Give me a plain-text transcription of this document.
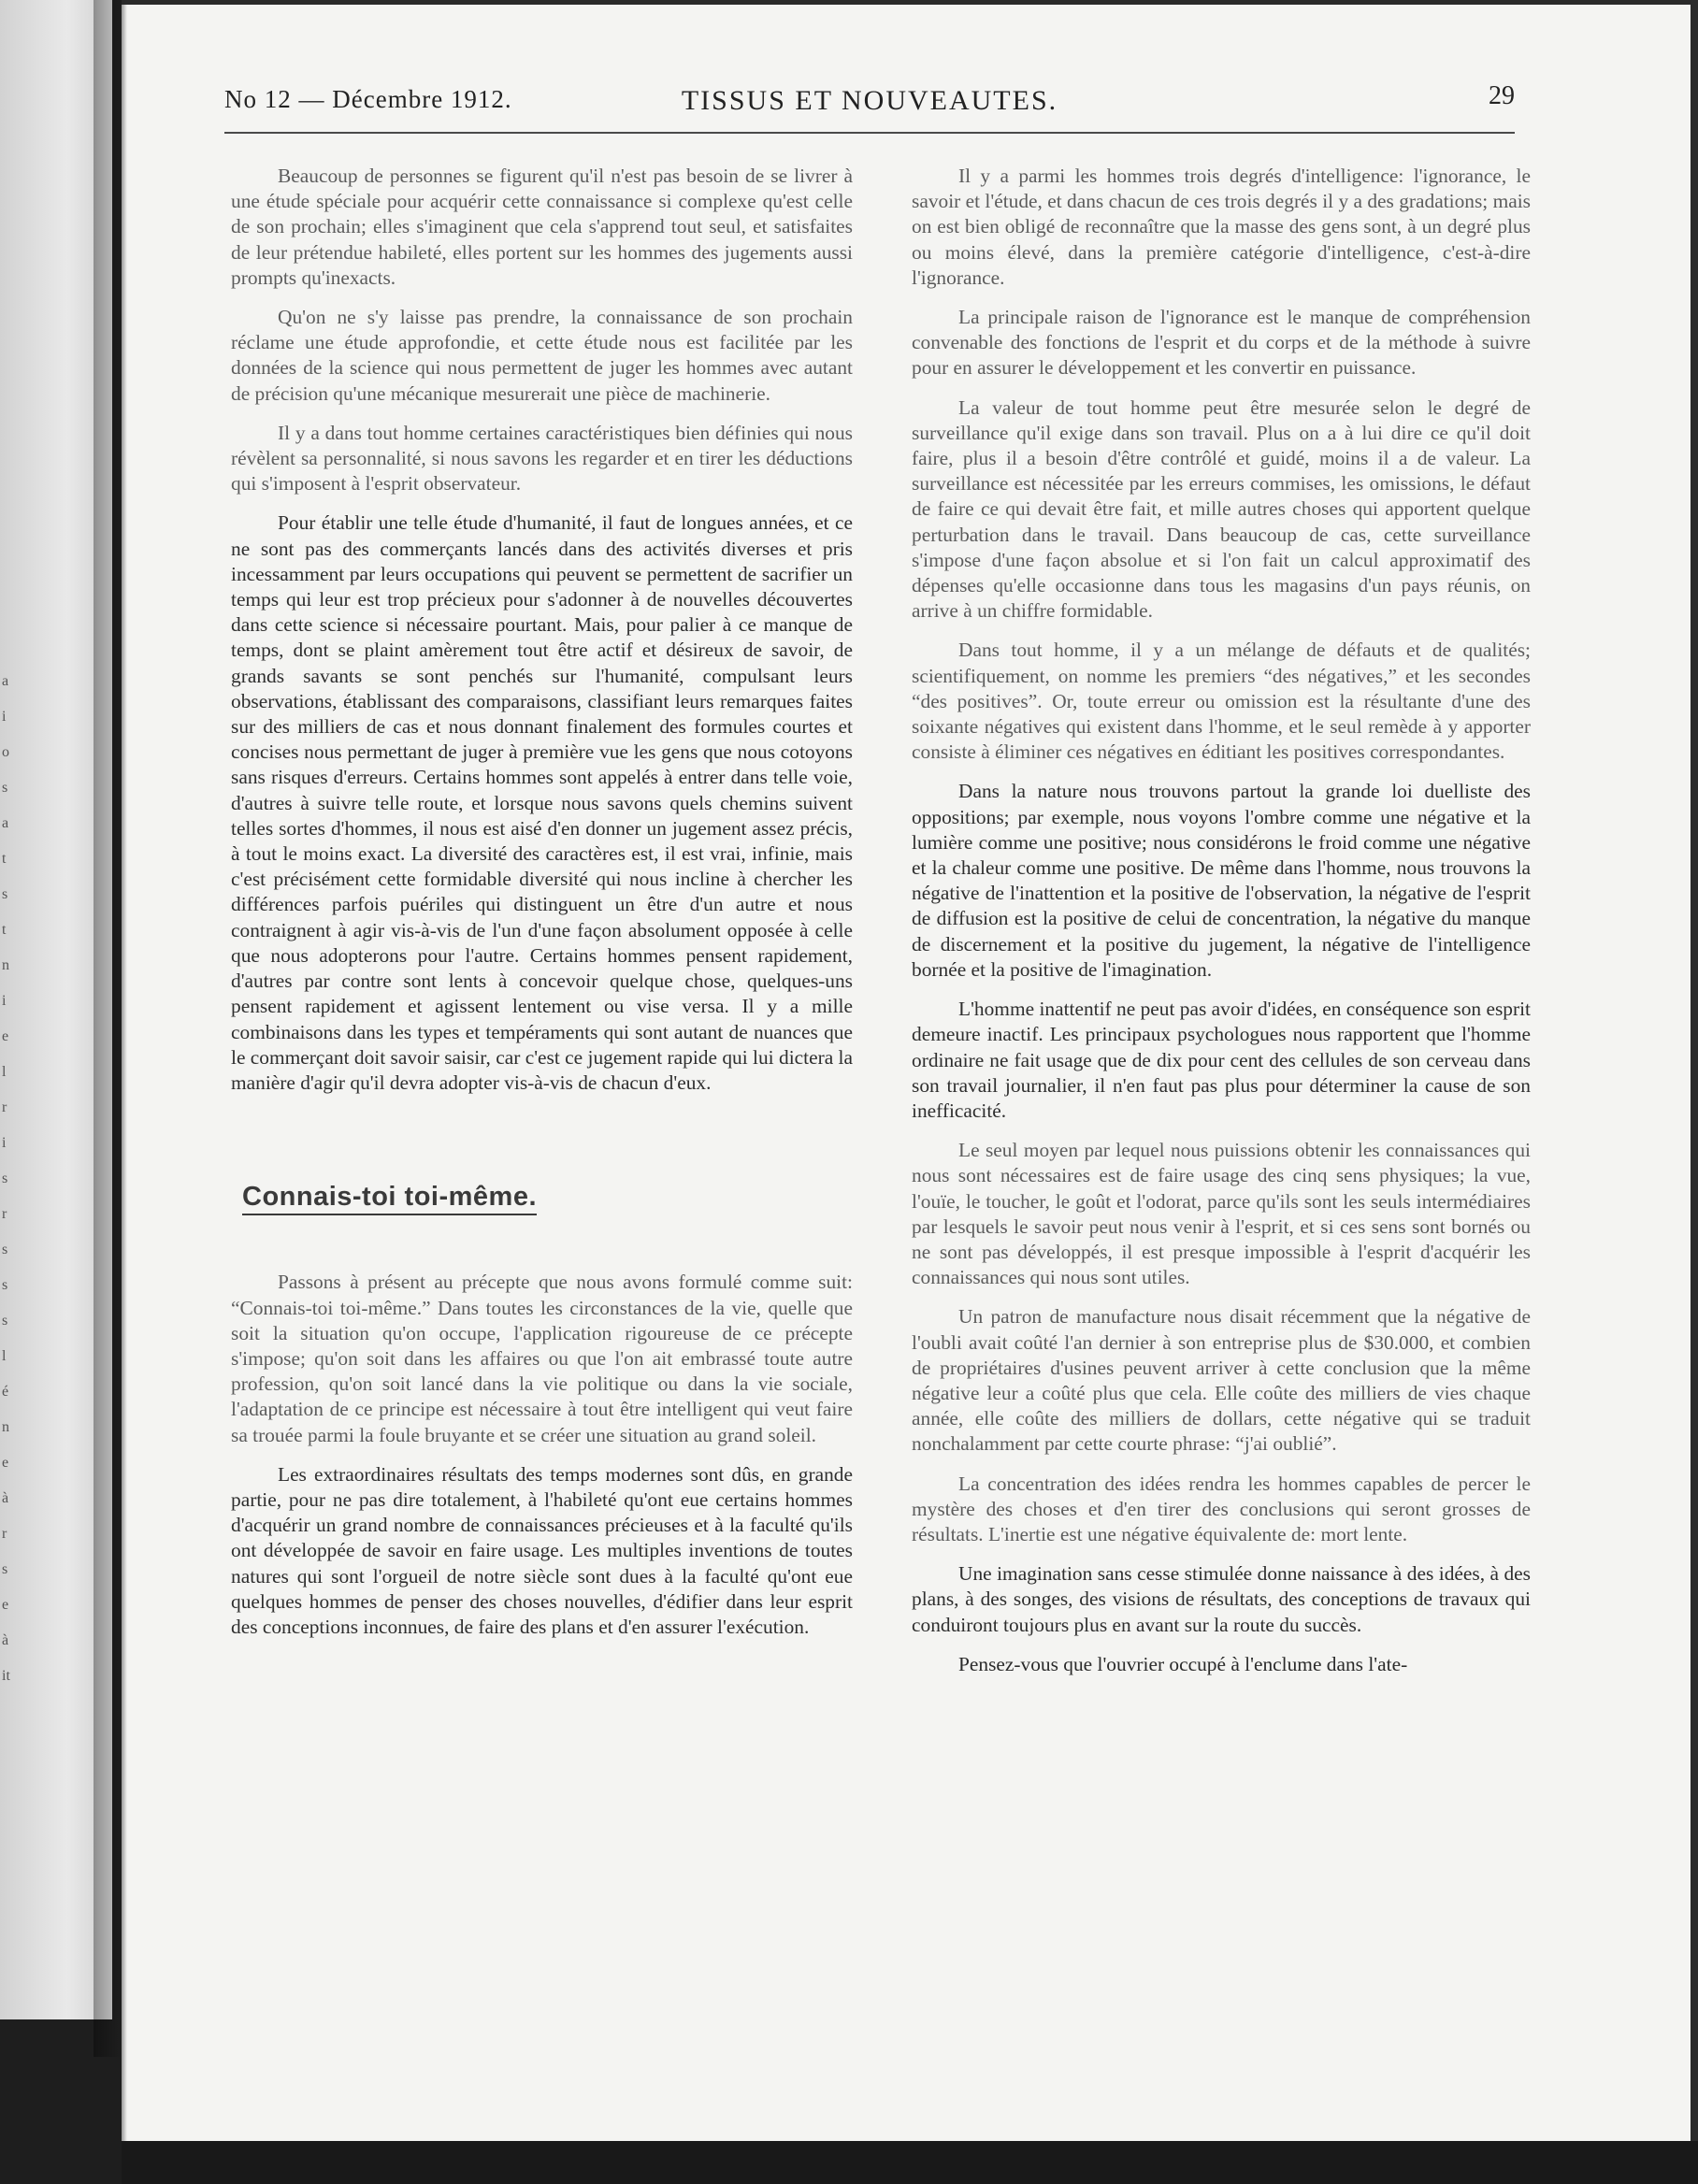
a
i
o
s
a
t
s
t
n
i
e
l
r
i
s
r
s
s
s
l
é
n
e
à
r
s
e
à
it
No 12 — Décembre 1912.	TISSUS ET NOUVEAUTES.	29

Beaucoup de personnes se figurent qu'il n'est pas besoin de se livrer à une étude spéciale pour acquérir cette connaissance si complexe qu'est celle de son prochain; elles s'imaginent que cela s'apprend tout seul, et satisfaites de leur prétendue habileté, elles portent sur les hommes des jugements aussi prompts qu'inexacts.

Qu'on ne s'y laisse pas prendre, la connaissance de son prochain réclame une étude approfondie, et cette étude nous est facilitée par les données de la science qui nous permettent de juger les hommes avec autant de précision qu'une mécanique mesurerait une pièce de machinerie.

Il y a dans tout homme certaines caractéristiques bien définies qui nous révèlent sa personnalité, si nous savons les regarder et en tirer les déductions qui s'imposent à l'esprit observateur.

Pour établir une telle étude d'humanité, il faut de longues années, et ce ne sont pas des commerçants lancés dans des activités diverses et pris incessamment par leurs occupations qui peuvent se permettent de sacrifier un temps qui leur est trop précieux pour s'adonner à de nouvelles découvertes dans cette science si nécessaire pourtant. Mais, pour palier à ce manque de temps, dont se plaint amèrement tout être actif et désireux de savoir, de grands savants se sont penchés sur l'humanité, compulsant leurs observations, établissant des comparaisons, classifiant leurs remarques faites sur des milliers de cas et nous donnant finalement des formules courtes et concises nous permettant de juger à première vue les gens que nous cotoyons sans risques d'erreurs. Certains hommes sont appelés à entrer dans telle voie, d'autres à suivre telle route, et lorsque nous savons quels chemins suivent telles sortes d'hommes, il nous est aisé d'en donner un jugement assez précis, à tout le moins exact. La diversité des caractères est, il est vrai, infinie, mais c'est précisément cette formidable diversité qui nous incline à chercher les différences parfois puériles qui distinguent un être d'un autre et nous contraignent à agir vis-à-vis de l'un d'une façon absolument opposée à celle que nous adopterons pour l'autre. Certains hommes pensent rapidement, d'autres par contre sont lents à concevoir quelque chose, quelques-uns pensent rapidement et agissent lentement ou vise versa. Il y a mille combinaisons dans les types et tempéraments qui sont autant de nuances que le commerçant doit savoir saisir, car c'est ce jugement rapide qui lui dictera la manière d'agir qu'il devra adopter vis-à-vis de chacun d'eux.

Connais-toi toi-même.

Passons à présent au précepte que nous avons formulé comme suit: “Connais-toi toi-même.” Dans toutes les circonstances de la vie, quelle que soit la situation qu'on occupe, l'application rigoureuse de ce précepte s'impose; qu'on soit dans les affaires ou que l'on ait embrassé toute autre profession, qu'on soit lancé dans la vie politique ou dans la vie sociale, l'adaptation de ce principe est nécessaire à tout être intelligent qui veut faire sa trouée parmi la foule bruyante et se créer une situation au grand soleil.

Les extraordinaires résultats des temps modernes sont dûs, en grande partie, pour ne pas dire totalement, à l'habileté qu'ont eue certains hommes d'acquérir un grand nombre de connaissances précieuses et à la faculté qu'ils ont développée de savoir en faire usage. Les multiples inventions de toutes natures qui sont l'orgueil de notre siècle sont dues à la faculté qu'ont eue quelques hommes de penser des choses nouvelles, d'édifier dans leur esprit des conceptions inconnues, de faire des plans et d'en assurer l'exécution.

Il y a parmi les hommes trois degrés d'intelligence: l'ignorance, le savoir et l'étude, et dans chacun de ces trois degrés il y a des gradations; mais on est bien obligé de reconnaître que la masse des gens sont, à un degré plus ou moins élevé, dans la première catégorie d'intelligence, c'est-à-dire l'ignorance.

La principale raison de l'ignorance est le manque de compréhension convenable des fonctions de l'esprit et du corps et de la méthode à suivre pour en assurer le développement et les convertir en puissance.

La valeur de tout homme peut être mesurée selon le degré de surveillance qu'il exige dans son travail. Plus on a à lui dire ce qu'il doit faire, plus il a besoin d'être contrôlé et guidé, moins il a de valeur. La surveillance est nécessitée par les erreurs commises, les omissions, le défaut de faire ce qui devait être fait, et mille autres choses qui apportent quelque perturbation dans le travail. Dans beaucoup de cas, cette surveillance s'impose d'une façon absolue et si l'on fait un calcul approximatif des dépenses qu'elle occasionne dans tous les magasins d'un pays réunis, on arrive à un chiffre formidable.

Dans tout homme, il y a un mélange de défauts et de qualités; scientifiquement, on nomme les premiers “des négatives,” et les secondes “des positives”. Or, toute erreur ou omission est la résultante d'une des soixante négatives qui existent dans l'homme, et le seul remède à y apporter consiste à éliminer ces négatives en éditiant les positives correspondantes.

Dans la nature nous trouvons partout la grande loi duelliste des oppositions; par exemple, nous voyons l'ombre comme une négative et la lumière comme une positive; nous considérons le froid comme une négative et la chaleur comme une positive. De même dans l'homme, nous trouvons la négative de l'inattention et la positive de l'observation, la négative de l'esprit de diffusion est la positive de celui de concentration, la négative du manque de discernement et la positive du jugement, la négative de l'intelligence bornée et la positive de l'imagination.

L'homme inattentif ne peut pas avoir d'idées, en conséquence son esprit demeure inactif. Les principaux psychologues nous rapportent que l'homme ordinaire ne fait usage que de dix pour cent des cellules de son cerveau dans son travail journalier, il n'en faut pas plus pour déterminer la cause de son inefficacité.

Le seul moyen par lequel nous puissions obtenir les connaissances qui nous sont nécessaires est de faire usage des cinq sens physiques; la vue, l'ouïe, le toucher, le goût et l'odorat, parce qu'ils sont les seuls intermédiaires par lesquels le savoir peut nous venir à l'esprit, et si ces sens sont bornés ou ne sont pas développés, il est presque impossible à l'esprit d'acquérir les connaissances qui nous sont utiles.

Un patron de manufacture nous disait récemment que la négative de l'oubli avait coûté l'an dernier à son entreprise plus de $30.000, et combien de propriétaires d'usines peuvent arriver à cette conclusion que la même négative leur a coûté plus que cela. Elle coûte des milliers de vies chaque année, elle coûte des milliers de dollars, cette négative qui se traduit nonchalamment par cette courte phrase: “j'ai oublié”.

La concentration des idées rendra les hommes capables de percer le mystère des choses et d'en tirer des conclusions qui seront grosses de résultats. L'inertie est une négative équivalente de: mort lente.

Une imagination sans cesse stimulée donne naissance à des idées, à des plans, à des songes, des visions de résultats, des conceptions de travaux qui conduiront toujours plus en avant sur la route du succès.

Pensez-vous que l'ouvrier occupé à l'enclume dans l'ate-
